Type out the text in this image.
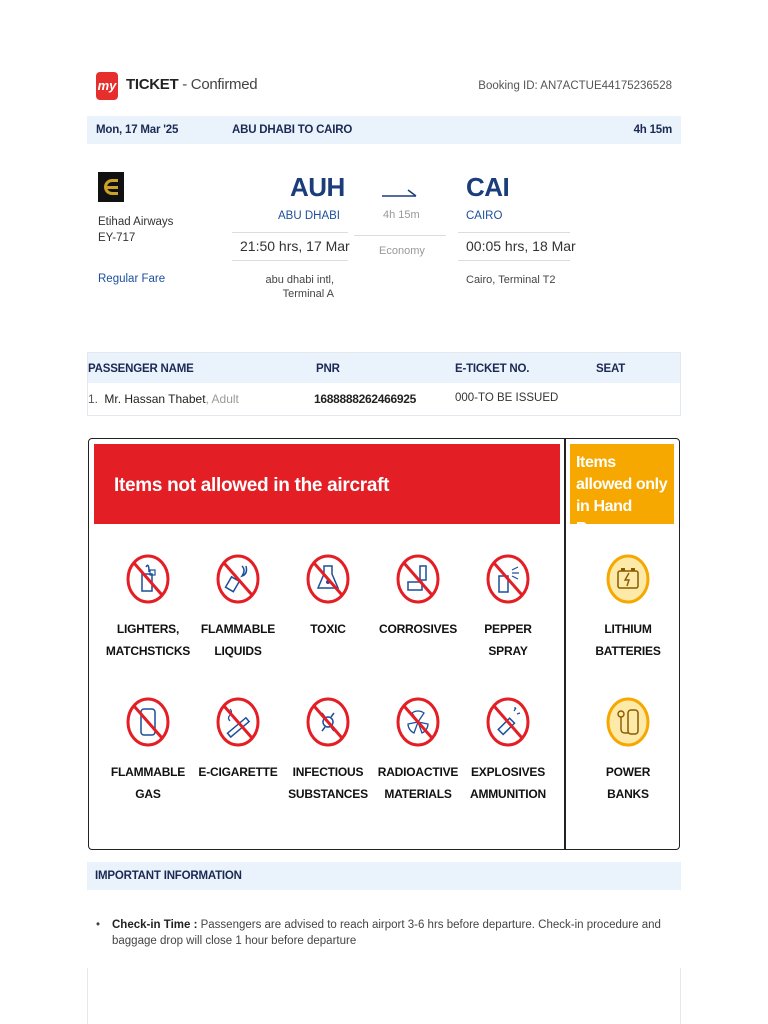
my TICKET - Confirmed	Booking ID: AN7ACTUE44175236528
Mon, 17 Mar '25	ABU DHABI TO CAIRO	4h 15m
Etihad Airways
EY-717
Regular Fare
AUH
ABU DHABI
21:50 hrs, 17 Mar
abu dhabi intl,
Terminal A
4h 15m
Economy
CAI
CAIRO
00:05 hrs, 18 Mar
Cairo, Terminal T2
PASSENGER NAME	PNR	E-TICKET NO.	SEAT
1. Mr. Hassan Thabet, Adult	1688888262466925	000-TO BE ISSUED
Items not allowed in the aircraft
Items allowed only in Hand Baggage
LIGHTERS,
MATCHSTICKS
FLAMMABLE
LIQUIDS
TOXIC	CORROSIVES	PEPPER
SPRAY
FLAMMABLE
GAS
E-CIGARETTE	INFECTIOUS
SUBSTANCES
RADIOACTIVE
MATERIALS
EXPLOSIVES
AMMUNITION
LITHIUM
BATTERIES
POWER
BANKS
IMPORTANT INFORMATION
•	Check-in Time : Passengers are advised to reach airport 3-6 hrs before departure. Check-in procedure and baggage drop will close 1 hour before departure
